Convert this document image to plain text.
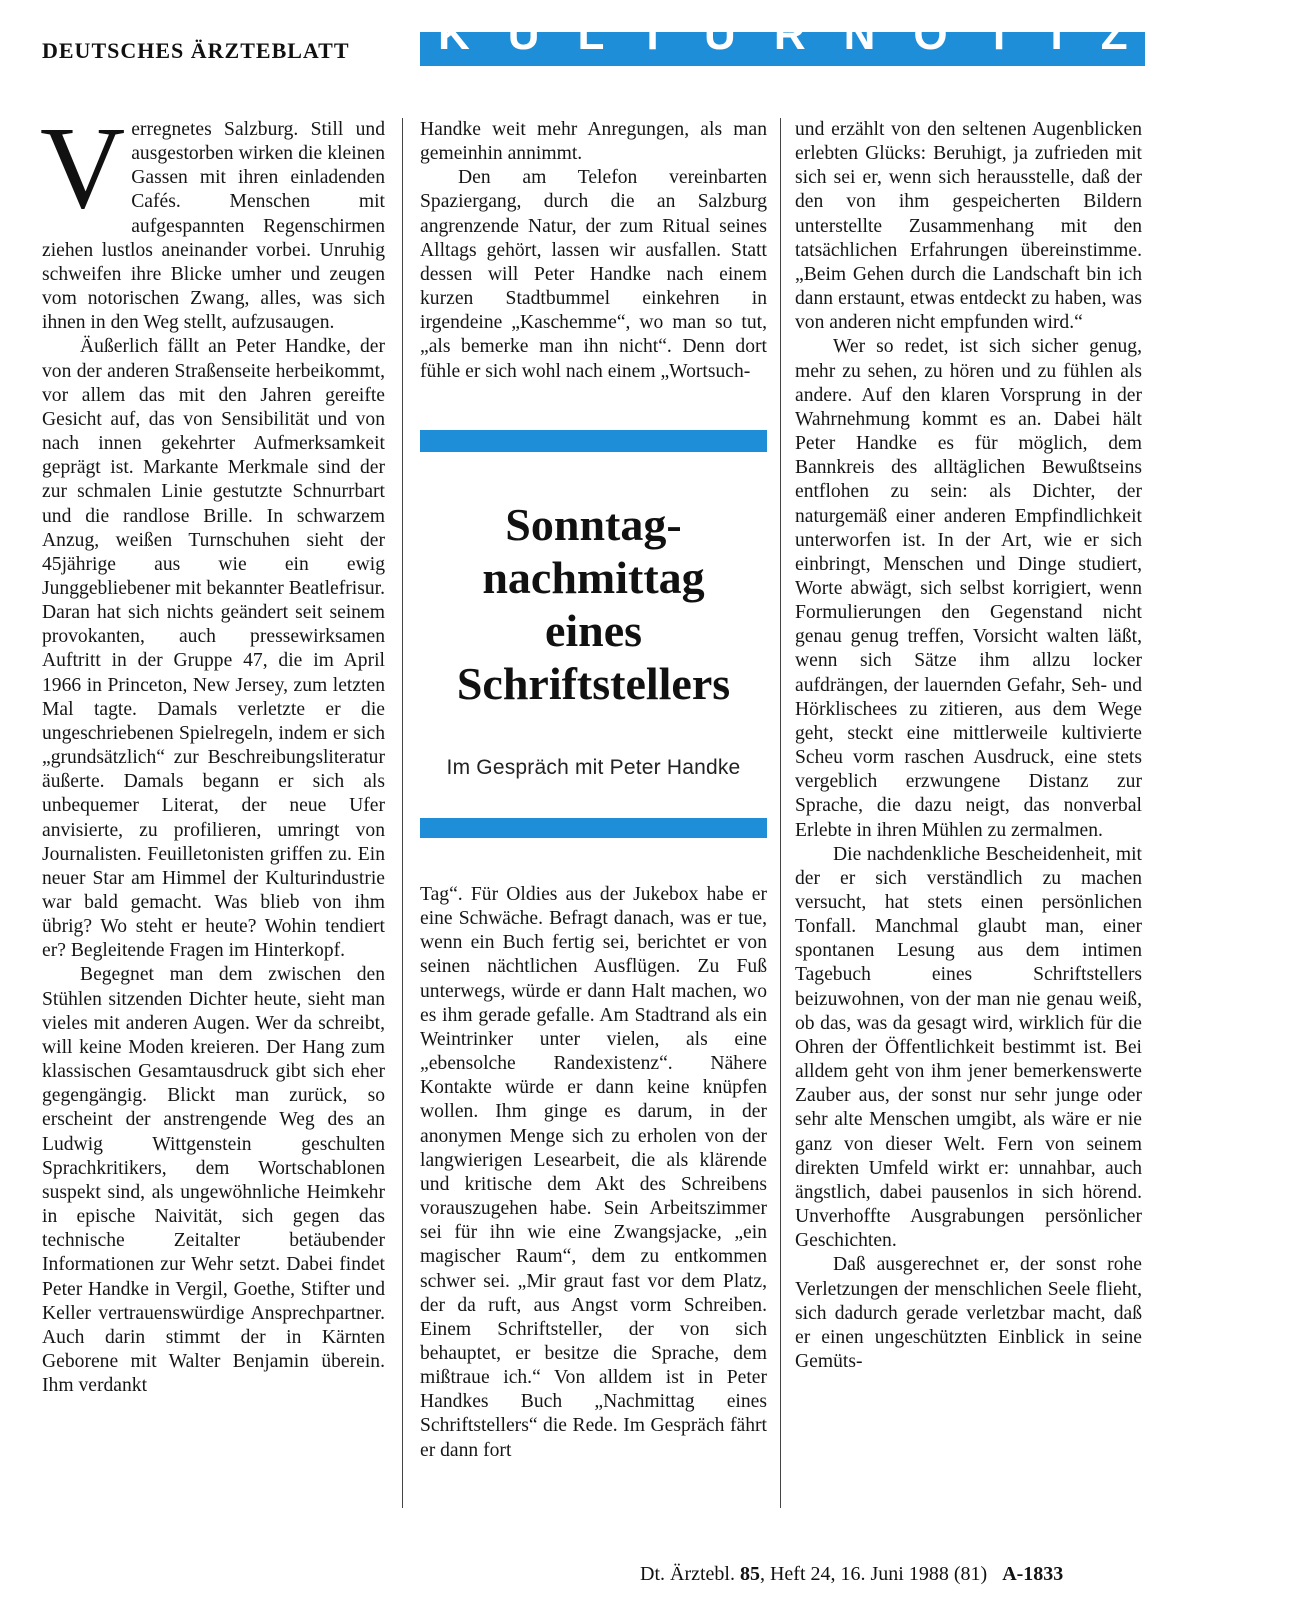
DEUTSCHES ÄRZTEBLATT KULTURNOTIZEN

Verregnetes Salzburg. Still und ausgestorben wirken die kleinen Gassen mit ihren einladenden Cafés. Menschen mit aufgespannten Regenschirmen ziehen lustlos aneinander vorbei. Unruhig schweifen ihre Blicke umher und zeugen vom notorischen Zwang, alles, was sich ihnen in den Weg stellt, aufzusaugen.

Äußerlich fällt an Peter Handke, der von der anderen Straßenseite herbeikommt, vor allem das mit den Jahren gereifte Gesicht auf, das von Sensibilität und von nach innen gekehrter Aufmerksamkeit geprägt ist. Markante Merkmale sind der zur schmalen Linie gestutzte Schnurrbart und die randlose Brille. In schwarzem Anzug, weißen Turnschuhen sieht der 45jährige aus wie ein ewig Junggebliebener mit bekannter Beatlefrisur. Daran hat sich nichts geändert seit seinem provokanten, auch pressewirksamen Auftritt in der Gruppe 47, die im April 1966 in Princeton, New Jersey, zum letzten Mal tagte. Damals verletzte er die ungeschriebenen Spielregeln, indem er sich „grundsätzlich“ zur Beschreibungsliteratur äußerte. Damals begann er sich als unbequemer Literat, der neue Ufer anvisierte, zu profilieren, umringt von Journalisten. Feuilletonisten griffen zu. Ein neuer Star am Himmel der Kulturindustrie war bald gemacht. Was blieb von ihm übrig? Wo steht er heute? Wohin tendiert er? Begleitende Fragen im Hinterkopf.

Begegnet man dem zwischen den Stühlen sitzenden Dichter heute, sieht man vieles mit anderen Augen. Wer da schreibt, will keine Moden kreieren. Der Hang zum klassischen Gesamtausdruck gibt sich eher gegengängig. Blickt man zurück, so erscheint der anstrengende Weg des an Ludwig Wittgenstein geschulten Sprachkritikers, dem Wortschablonen suspekt sind, als ungewöhnliche Heimkehr in epische Naivität, sich gegen das technische Zeitalter betäubender Informationen zur Wehr setzt. Dabei findet Peter Handke in Vergil, Goethe, Stifter und Keller vertrauenswürdige Ansprechpartner. Auch darin stimmt der in Kärnten Geborene mit Walter Benjamin überein. Ihm verdankt

Handke weit mehr Anregungen, als man gemeinhin annimmt.

Den am Telefon vereinbarten Spaziergang, durch die an Salzburg angrenzende Natur, der zum Ritual seines Alltags gehört, lassen wir ausfallen. Statt dessen will Peter Handke nach einem kurzen Stadtbummel einkehren in irgendeine „Kaschemme“, wo man so tut, „als bemerke man ihn nicht“. Denn dort fühle er sich wohl nach einem „Wortsuch-

Sonntag-
nachmittag
eines
Schriftstellers
Im Gespräch mit Peter Handke

Tag“. Für Oldies aus der Jukebox habe er eine Schwäche. Befragt danach, was er tue, wenn ein Buch fertig sei, berichtet er von seinen nächtlichen Ausflügen. Zu Fuß unterwegs, würde er dann Halt machen, wo es ihm gerade gefalle. Am Stadtrand als ein Weintrinker unter vielen, als eine „ebensolche Randexistenz“. Nähere Kontakte würde er dann keine knüpfen wollen. Ihm ginge es darum, in der anonymen Menge sich zu erholen von der langwierigen Lesearbeit, die als klärende und kritische dem Akt des Schreibens vorauszugehen habe. Sein Arbeitszimmer sei für ihn wie eine Zwangsjacke, „ein magischer Raum“, dem zu entkommen schwer sei. „Mir graut fast vor dem Platz, der da ruft, aus Angst vorm Schreiben. Einem Schriftsteller, der von sich behauptet, er besitze die Sprache, dem mißtraue ich.“ Von alldem ist in Peter Handkes Buch „Nachmittag eines Schriftstellers“ die Rede. Im Gespräch fährt er dann fort

und erzählt von den seltenen Augenblicken erlebten Glücks: Beruhigt, ja zufrieden mit sich sei er, wenn sich herausstelle, daß der den von ihm gespeicherten Bildern unterstellte Zusammenhang mit den tatsächlichen Erfahrungen übereinstimme. „Beim Gehen durch die Landschaft bin ich dann erstaunt, etwas entdeckt zu haben, was von anderen nicht empfunden wird.“

Wer so redet, ist sich sicher genug, mehr zu sehen, zu hören und zu fühlen als andere. Auf den klaren Vorsprung in der Wahrnehmung kommt es an. Dabei hält Peter Handke es für möglich, dem Bannkreis des alltäglichen Bewußtseins entflohen zu sein: als Dichter, der naturgemäß einer anderen Empfindlichkeit unterworfen ist. In der Art, wie er sich einbringt, Menschen und Dinge studiert, Worte abwägt, sich selbst korrigiert, wenn Formulierungen den Gegenstand nicht genau genug treffen, Vorsicht walten läßt, wenn sich Sätze ihm allzu locker aufdrängen, der lauernden Gefahr, Seh- und Hörklischees zu zitieren, aus dem Wege geht, steckt eine mittlerweile kultivierte Scheu vorm raschen Ausdruck, eine stets vergeblich erzwungene Distanz zur Sprache, die dazu neigt, das nonverbal Erlebte in ihren Mühlen zu zermalmen.

Die nachdenkliche Bescheidenheit, mit der er sich verständlich zu machen versucht, hat stets einen persönlichen Tonfall. Manchmal glaubt man, einer spontanen Lesung aus dem intimen Tagebuch eines Schriftstellers beizuwohnen, von der man nie genau weiß, ob das, was da gesagt wird, wirklich für die Ohren der Öffentlichkeit bestimmt ist. Bei alldem geht von ihm jener bemerkenswerte Zauber aus, der sonst nur sehr junge oder sehr alte Menschen umgibt, als wäre er nie ganz von dieser Welt. Fern von seinem direkten Umfeld wirkt er: unnahbar, auch ängstlich, dabei pausenlos in sich hörend. Unverhoffte Ausgrabungen persönlicher Geschichten.

Daß ausgerechnet er, der sonst rohe Verletzungen der menschlichen Seele flieht, sich dadurch gerade verletzbar macht, daß er einen ungeschützten Einblick in seine Gemüts-

Dt. Ärztebl. 85, Heft 24, 16. Juni 1988 (81) A-1833
